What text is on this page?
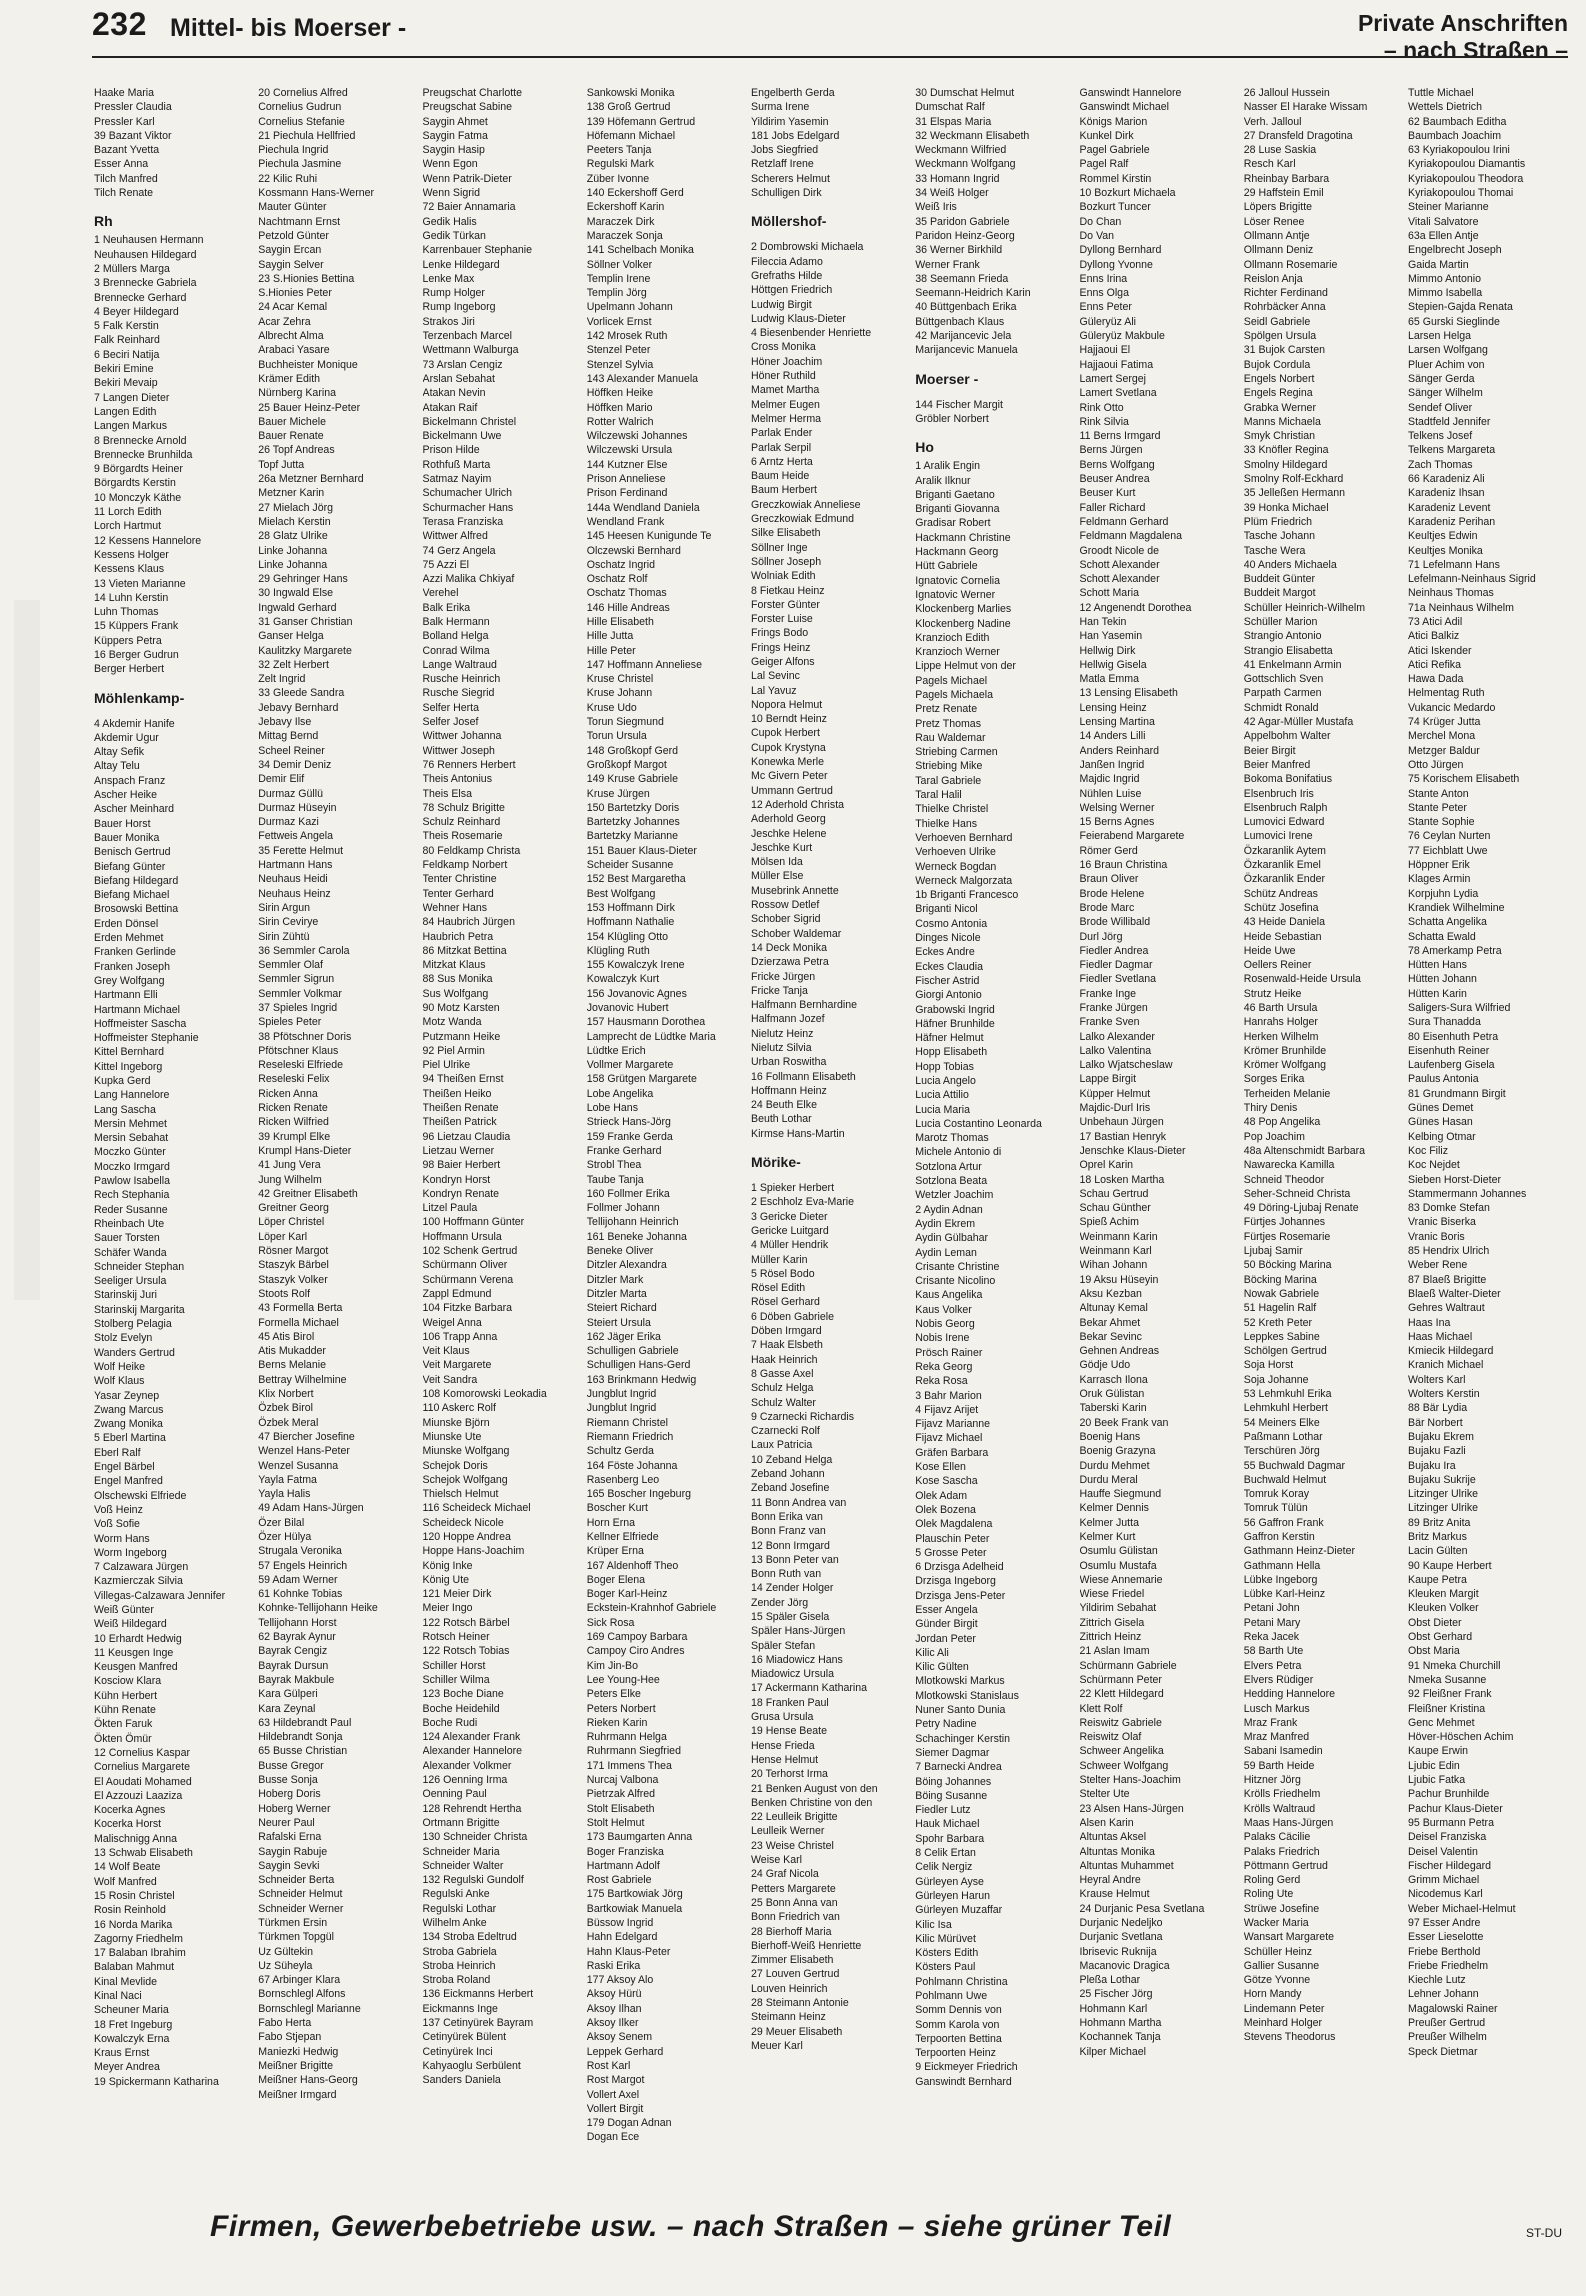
232 Mittel- bis Moerser -	Private Anschriften
– nach Straßen –
Haake Maria
Pressler Claudia
Pressler Karl
39 Bazant Viktor
Bazant Yvetta
Esser Anna
Tilch Manfred
Tilch Renate
Rh
1 Neuhausen Hermann
Neuhausen Hildegard
2 Müllers Marga
3 Brennecke Gabriela
Brennecke Gerhard
4 Beyer Hildegard
5 Falk Kerstin
Falk Reinhard
6 Beciri Natija
Bekiri Emine
Bekiri Mevaip
7 Langen Dieter
Langen Edith
Langen Markus
8 Brennecke Arnold
Brennecke Brunhilda
9 Börgardts Heiner
Börgardts Kerstin
10 Monczyk Käthe
11 Lorch Edith
Lorch Hartmut
12 Kessens Hannelore
Kessens Holger
Kessens Klaus
13 Vieten Marianne
14 Luhn Kerstin
Luhn Thomas
15 Küppers Frank
Küppers Petra
16 Berger Gudrun
Berger Herbert
Möhlenkamp-
4 Akdemir Hanife
Akdemir Ugur
Altay Sefik
Altay Telu
Anspach Franz
Ascher Heike
Ascher Meinhard
Bauer Horst
Bauer Monika
Benisch Gertrud
Biefang Günter
Biefang Hildegard
Biefang Michael
Brosowski Bettina
Erden Dönsel
Erden Mehmet
Franken Gerlinde
Franken Joseph
Grey Wolfgang
Hartmann Elli
Hartmann Michael
Hoffmeister Sascha
Hoffmeister Stephanie
Kittel Bernhard
Kittel Ingeborg
Kupka Gerd
Lang Hannelore
Lang Sascha
Mersin Mehmet
Mersin Sebahat
Moczko Günter
Moczko Irmgard
Pawlow Isabella
Rech Stephania
Reder Susanne
Rheinbach Ute
Sauer Torsten
Schäfer Wanda
Schneider Stephan
Seeliger Ursula
Starinskij Juri
Starinskij Margarita
Stolberg Pelagia
Stolz Evelyn
Wanders Gertrud
Wolf Heike
Wolf Klaus
Yasar Zeynep
Zwang Marcus
Zwang Monika
5 Eberl Martina
Eberl Ralf
Engel Bärbel
Engel Manfred
Olschewski Elfriede
Voß Heinz
Voß Sofie
Worm Hans
Worm Ingeborg
7 Calzawara Jürgen
Kazmierczak Silvia
Villegas-Calzawara Jennifer
Weiß Günter
Weiß Hildegard
10 Erhardt Hedwig
11 Keusgen Inge
Keusgen Manfred
Kosciow Klara
Kühn Herbert
Kühn Renate
Ökten Faruk
Ökten Ömür
12 Cornelius Kaspar
Cornelius Margarete
El Aoudati Mohamed
El Azzouzi Laaziza
Kocerka Agnes
Kocerka Horst
Malischnigg Anna
13 Schwab Elisabeth
14 Wolf Beate
Wolf Manfred
15 Rosin Christel
Rosin Reinhold
16 Norda Marika
Zagorny Friedhelm
17 Balaban Ibrahim
Balaban Mahmut
Kinal Mevlide
Kinal Naci
Scheuner Maria
18 Fret Ingeburg
Kowalczyk Erna
Kraus Ernst
Meyer Andrea
19 Spickermann Katharina
20 Cornelius Alfred
Cornelius Gudrun
Cornelius Stefanie
21 Piechula Hellfried
Piechula Ingrid
Piechula Jasmine
22 Kilic Ruhi
Kossmann Hans-Werner
Mauter Günter
Nachtmann Ernst
Petzold Günter
Saygin Ercan
Saygin Selver
23 S.Hionies Bettina
S.Hionies Peter
24 Acar Kemal
Acar Zehra
Albrecht Alma
Arabaci Yasare
Buchheister Monique
Krämer Edith
Nürnberg Karina
25 Bauer Heinz-Peter
Bauer Michele
Bauer Renate
26 Topf Andreas
Topf Jutta
26a Metzner Bernhard
Metzner Karin
27 Mielach Jörg
Mielach Kerstin
28 Glatz Ulrike
Linke Johanna
Linke Johanna
29 Gehringer Hans
30 Ingwald Else
Ingwald Gerhard
31 Ganser Christian
Ganser Helga
Kaulitzky Margarete
32 Zelt Herbert
Zelt Ingrid
33 Gleede Sandra
Jebavy Bernhard
Jebavy Ilse
Mittag Bernd
Scheel Reiner
34 Demir Deniz
Demir Elif
Durmaz Güllü
Durmaz Hüseyin
Durmaz Kazi
Fettweis Angela
35 Ferette Helmut
Hartmann Hans
Neuhaus Heidi
Neuhaus Heinz
Sirin Argun
Sirin Cevirye
Sirin Zühtü
36 Semmler Carola
Semmler Olaf
Semmler Sigrun
Semmler Volkmar
37 Spieles Ingrid
Spieles Peter
38 Pfötschner Doris
Pfötschner Klaus
Reseleski Elfriede
Reseleski Felix
Ricken Anna
Ricken Renate
Ricken Wilfried
39 Krumpl Elke
Krumpl Hans-Dieter
41 Jung Vera
Jung Wilhelm
42 Greitner Elisabeth
Greitner Georg
Löper Christel
Löper Karl
Rösner Margot
Staszyk Bärbel
Staszyk Volker
Stoots Rolf
43 Formella Berta
Formella Michael
45 Atis Birol
Atis Mukadder
Berns Melanie
Bettray Wilhelmine
Klix Norbert
Özbek Birol
Özbek Meral
47 Biercher Josefine
Wenzel Hans-Peter
Wenzel Susanna
Yayla Fatma
Yayla Halis
49 Adam Hans-Jürgen
Özer Bilal
Özer Hülya
Strugala Veronika
57 Engels Heinrich
59 Adam Werner
61 Kohnke Tobias
Kohnke-Tellijohann Heike
Tellijohann Horst
62 Bayrak Aynur
Bayrak Cengiz
Bayrak Dursun
Bayrak Makbule
Kara Gülperi
Kara Zeynal
63 Hildebrandt Paul
Hildebrandt Sonja
65 Busse Christian
Busse Gregor
Busse Sonja
Hoberg Doris
Hoberg Werner
Neurer Paul
Rafalski Erna
Saygin Rabuje
Saygin Sevki
Schneider Berta
Schneider Helmut
Schneider Werner
Türkmen Ersin
Türkmen Topgül
Uz Gültekin
Uz Süheyla
67 Arbinger Klara
Bornschlegl Alfons
Bornschlegl Marianne
Fabo Herta
Fabo Stjepan
Maniezki Hedwig
Meißner Brigitte
Meißner Hans-Georg
Meißner Irmgard
Preugschat Charlotte
Preugschat Sabine
Saygin Ahmet
Saygin Fatma
Saygin Hasip
Wenn Egon
Wenn Patrik-Dieter
Wenn Sigrid
72 Baier Annamaria
Gedik Halis
Gedik Türkan
Karrenbauer Stephanie
Lenke Hildegard
Lenke Max
Rump Holger
Rump Ingeborg
Strakos Jiri
Terzenbach Marcel
Wettmann Walburga
73 Arslan Cengiz
Arslan Sebahat
Atakan Nevin
Atakan Raif
Bickelmann Christel
Bickelmann Uwe
Prison Hilde
Rothfuß Marta
Satmaz Nayim
Schumacher Ulrich
Schurmacher Hans
Terasa Franziska
Wittwer Alfred
74 Gerz Angela
75 Azzi El
Azzi Malika Chkiyaf
Verehel
Balk Erika
Balk Hermann
Bolland Helga
Conrad Wilma
Lange Waltraud
Rusche Heinrich
Rusche Siegrid
Selfer Herta
Selfer Josef
Wittwer Johanna
Wittwer Joseph
76 Renners Herbert
Theis Antonius
Theis Elsa
78 Schulz Brigitte
Schulz Reinhard
Theis Rosemarie
80 Feldkamp Christa
Feldkamp Norbert
Tenter Christine
Tenter Gerhard
Wehner Hans
84 Haubrich Jürgen
Haubrich Petra
86 Mitzkat Bettina
Mitzkat Klaus
88 Sus Monika
Sus Wolfgang
90 Motz Karsten
Motz Wanda
Putzmann Heike
92 Piel Armin
Piel Ulrike
94 Theißen Ernst
Theißen Heiko
Theißen Renate
Theißen Patrick
96 Lietzau Claudia
Lietzau Werner
98 Baier Herbert
Kondryn Horst
Kondryn Renate
Litzel Paula
100 Hoffmann Günter
Hoffmann Ursula
102 Schenk Gertrud
Schürmann Oliver
Schürmann Verena
Zappl Edmund
104 Fitzke Barbara
Weigel Anna
106 Trapp Anna
Veit Klaus
Veit Margarete
Veit Sandra
108 Komorowski Leokadia
110 Askerc Rolf
Miunske Björn
Miunske Ute
Miunske Wolfgang
Schejok Doris
Schejok Wolfgang
Thielsch Helmut
116 Scheideck Michael
Scheideck Nicole
120 Hoppe Andrea
Hoppe Hans-Joachim
König Inke
König Ute
121 Meier Dirk
Meier Ingo
122 Rotsch Bärbel
Rotsch Heiner
122 Rotsch Tobias
Schiller Horst
Schiller Wilma
123 Boche Diane
Boche Heidehild
Boche Rudi
124 Alexander Frank
Alexander Hannelore
Alexander Volkmer
126 Oenning Irma
Oenning Paul
128 Rehrendt Hertha
Ortmann Brigitte
130 Schneider Christa
Schneider Maria
Schneider Walter
132 Regulski Gundolf
Regulski Anke
Regulski Lothar
Wilhelm Anke
134 Stroba Edeltrud
Stroba Gabriela
Stroba Heinrich
Stroba Roland
136 Eickmanns Herbert
Eickmanns Inge
137 Cetinyürek Bayram
Cetinyürek Bülent
Cetinyürek Inci
Kahyaoglu Serbülent
Sanders Daniela
Sankowski Monika
138 Groß Gertrud
139 Höfemann Gertrud
Höfemann Michael
Peeters Tanja
Regulski Mark
Züber Ivonne
140 Eckershoff Gerd
Eckershoff Karin
Maraczek Dirk
Maraczek Sonja
141 Schelbach Monika
Söllner Volker
Templin Irene
Templin Jörg
Upelmann Johann
Vorlicek Ernst
142 Mrosek Ruth
Stenzel Peter
Stenzel Sylvia
143 Alexander Manuela
Höffken Heike
Höffken Mario
Rotter Walrich
Wilczewski Johannes
Wilczewski Ursula
144 Kutzner Else
Prison Anneliese
Prison Ferdinand
144a Wendland Daniela
Wendland Frank
145 Heesen Kunigunde Te
Olczewski Bernhard
Oschatz Ingrid
Oschatz Rolf
Oschatz Thomas
146 Hille Andreas
Hille Elisabeth
Hille Jutta
Hille Peter
147 Hoffmann Anneliese
Kruse Christel
Kruse Johann
Kruse Udo
Torun Siegmund
Torun Ursula
148 Großkopf Gerd
Großkopf Margot
149 Kruse Gabriele
Kruse Jürgen
150 Bartetzky Doris
Bartetzky Johannes
Bartetzky Marianne
151 Bauer Klaus-Dieter
Scheider Susanne
152 Best Margaretha
Best Wolfgang
153 Hoffmann Dirk
Hoffmann Nathalie
154 Klügling Otto
Klügling Ruth
155 Kowalczyk Irene
Kowalczyk Kurt
156 Jovanovic Agnes
Jovanovic Hubert
157 Hausmann Dorothea
Lamprecht de Lüdtke Maria
Lüdtke Erich
Vollmer Margarete
158 Grütgen Margarete
Lobe Angelika
Lobe Hans
Strieck Hans-Jörg
159 Franke Gerda
Franke Gerhard
Strobl Thea
Taube Tanja
160 Follmer Erika
Follmer Johann
Tellijohann Heinrich
161 Beneke Johanna
Beneke Oliver
Ditzler Alexandra
Ditzler Mark
Ditzler Marta
Steiert Richard
Steiert Ursula
162 Jäger Erika
Schulligen Gabriele
Schulligen Hans-Gerd
163 Brinkmann Hedwig
Jungblut Ingrid
Jungblut Ingrid
Riemann Christel
Riemann Friedrich
Schultz Gerda
164 Föste Johanna
Rasenberg Leo
165 Boscher Ingeburg
Boscher Kurt
Horn Erna
Kellner Elfriede
Krüper Erna
167 Aldenhoff Theo
Boger Elena
Boger Karl-Heinz
Eckstein-Krahnhof Gabriele
Sick Rosa
169 Campoy Barbara
Campoy Ciro Andres
Kim Jin-Bo
Lee Young-Hee
Peters Elke
Peters Norbert
Rieken Karin
Ruhrmann Helga
Ruhrmann Siegfried
171 Immens Thea
Nurcaj Valbona
Pietrzak Alfred
Stolt Elisabeth
Stolt Helmut
173 Baumgarten Anna
Boger Franziska
Hartmann Adolf
Rost Gabriele
175 Bartkowiak Jörg
Bartkowiak Manuela
Büssow Ingrid
Hahn Edelgard
Hahn Klaus-Peter
Raski Erika
177 Aksoy Alo
Aksoy Hürü
Aksoy Ilhan
Aksoy Ilker
Aksoy Senem
Leppek Gerhard
Rost Karl
Rost Margot
Vollert Axel
Vollert Birgit
179 Dogan Adnan
Dogan Ece
Engelberth Gerda
Surma Irene
Yildirim Yasemin
181 Jobs Edelgard
Jobs Siegfried
Retzlaff Irene
Scherers Helmut
Schulligen Dirk
Möllershof-
2 Dombrowski Michaela
Fileccia Adamo
Grefraths Hilde
Höttgen Friedrich
Ludwig Birgit
Ludwig Klaus-Dieter
4 Biesenbender Henriette
Cross Monika
Höner Joachim
Höner Ruthild
Mamet Martha
Melmer Eugen
Melmer Herma
Parlak Ender
Parlak Serpil
6 Arntz Herta
Baum Heide
Baum Herbert
Greczkowiak Anneliese
Greczkowiak Edmund
Silke Elisabeth
Söllner Inge
Söllner Joseph
Wolniak Edith
8 Fietkau Heinz
Forster Günter
Forster Luise
Frings Bodo
Frings Heinz
Geiger Alfons
Lal Sevinc
Lal Yavuz
Nopora Helmut
10 Berndt Heinz
Cupok Herbert
Cupok Krystyna
Konewka Merle
Mc Givern Peter
Ummann Gertrud
12 Aderhold Christa
Aderhold Georg
Jeschke Helene
Jeschke Kurt
Mölsen Ida
Müller Else
Musebrink Annette
Rossow Detlef
Schober Sigrid
Schober Waldemar
14 Deck Monika
Dzierzawa Petra
Fricke Jürgen
Fricke Tanja
Halfmann Bernhardine
Halfmann Jozef
Nielutz Heinz
Nielutz Silvia
Urban Roswitha
16 Follmann Elisabeth
Hoffmann Heinz
24 Beuth Elke
Beuth Lothar
Kirmse Hans-Martin
Mörike-
1 Spieker Herbert
2 Eschholz Eva-Marie
3 Gericke Dieter
Gericke Luitgard
4 Müller Hendrik
Müller Karin
5 Rösel Bodo
Rösel Edith
Rösel Gerhard
6 Döben Gabriele
Döben Irmgard
7 Haak Elsbeth
Haak Heinrich
8 Gasse Axel
Schulz Helga
Schulz Walter
9 Czarnecki Richardis
Czarnecki Rolf
Laux Patricia
10 Zeband Helga
Zeband Johann
Zeband Josefine
11 Bonn Andrea van
Bonn Erika van
Bonn Franz van
12 Bonn Irmgard
13 Bonn Peter van
Bonn Ruth van
14 Zender Holger
Zender Jörg
15 Späler Gisela
Späler Hans-Jürgen
Späler Stefan
16 Miadowicz Hans
Miadowicz Ursula
17 Ackermann Katharina
18 Franken Paul
Grusa Ursula
19 Hense Beate
Hense Frieda
Hense Helmut
20 Terhorst Irma
21 Benken August von den
Benken Christine von den
22 Leulleik Brigitte
Leulleik Werner
23 Weise Christel
Weise Karl
24 Graf Nicola
Petters Margarete
25 Bonn Anna van
Bonn Friedrich van
28 Bierhoff Maria
Bierhoff-Weiß Henriette
Zimmer Elisabeth
27 Louven Gertrud
Louven Heinrich
28 Steimann Antonie
Steimann Heinz
29 Meuer Elisabeth
Meuer Karl
30 Dumschat Helmut
Dumschat Ralf
31 Elspas Maria
32 Weckmann Elisabeth
Weckmann Wilfried
Weckmann Wolfgang
33 Homann Ingrid
34 Weiß Holger
Weiß Iris
35 Paridon Gabriele
Paridon Heinz-Georg
36 Werner Birkhild
Werner Frank
38 Seemann Frieda
Seemann-Heidrich Karin
40 Büttgenbach Erika
Büttgenbach Klaus
42 Marijancevic Jela
Marijancevic Manuela
Moerser -
144 Fischer Margit
Gröbler Norbert
Ho
1 Aralik Engin
Aralik Ilknur
Briganti Gaetano
Briganti Giovanna
Gradisar Robert
Hackmann Christine
Hackmann Georg
Hütt Gabriele
Ignatovic Cornelia
Ignatovic Werner
Klockenberg Marlies
Klockenberg Nadine
Kranzioch Edith
Kranzioch Werner
Lippe Helmut von der
Pagels Michael
Pagels Michaela
Pretz Renate
Pretz Thomas
Rau Waldemar
Striebing Carmen
Striebing Mike
Taral Gabriele
Taral Halil
Thielke Christel
Thielke Hans
Verhoeven Bernhard
Verhoeven Ulrike
Werneck Bogdan
Werneck Malgorzata
1b Briganti Francesco
Briganti Nicol
Cosmo Antonia
Dinges Nicole
Eckes Andre
Eckes Claudia
Fischer Astrid
Giorgi Antonio
Grabowski Ingrid
Häfner Brunhilde
Häfner Helmut
Hopp Elisabeth
Hopp Tobias
Lucia Angelo
Lucia Attilio
Lucia Maria
Lucia Costantino Leonarda
Marotz Thomas
Michele Antonio di
Sotzlona Artur
Sotzlona Beata
Wetzler Joachim
2 Aydin Adnan
Aydin Ekrem
Aydin Gülbahar
Aydin Leman
Crisante Christine
Crisante Nicolino
Kaus Angelika
Kaus Volker
Nobis Georg
Nobis Irene
Prösch Rainer
Reka Georg
Reka Rosa
3 Bahr Marion
4 Fijavz Arijet
Fijavz Marianne
Fijavz Michael
Gräfen Barbara
Kose Ellen
Kose Sascha
Olek Adam
Olek Bozena
Olek Magdalena
Plauschin Peter
5 Grosse Peter
6 Drzisga Adelheid
Drzisga Ingeborg
Drzisga Jens-Peter
Esser Angela
Günder Birgit
Jordan Peter
Kilic Ali
Kilic Gülten
Mlotkowski Markus
Mlotkowski Stanislaus
Nuner Santo Dunia
Petry Nadine
Schachinger Kerstin
Siemer Dagmar
7 Barnecki Andrea
Böing Johannes
Böing Susanne
Fiedler Lutz
Hauk Michael
Spohr Barbara
8 Celik Ertan
Celik Nergiz
Gürleyen Ayse
Gürleyen Harun
Gürleyen Muzaffar
Kilic Isa
Kilic Mürüvet
Kösters Edith
Kösters Paul
Pohlmann Christina
Pohlmann Uwe
Somm Dennis von
Somm Karola von
Terpoorten Bettina
Terpoorten Heinz
9 Eickmeyer Friedrich
Ganswindt Bernhard
Ganswindt Hannelore
Ganswindt Michael
Königs Marion
Kunkel Dirk
Pagel Gabriele
Pagel Ralf
Rommel Kirstin
10 Bozkurt Michaela
Bozkurt Tuncer
Do Chan
Do Van
Dyllong Bernhard
Dyllong Yvonne
Enns Irina
Enns Olga
Enns Peter
Güleryüz Ali
Güleryüz Makbule
Hajjaoui El
Hajjaoui Fatima
Lamert Sergej
Lamert Svetlana
Rink Otto
Rink Silvia
11 Berns Irmgard
Berns Jürgen
Berns Wolfgang
Beuser Andrea
Beuser Kurt
Faller Richard
Feldmann Gerhard
Feldmann Magdalena
Groodt Nicole de
Schott Alexander
Schott Alexander
Schott Maria
12 Angenendt Dorothea
Han Tekin
Han Yasemin
Hellwig Dirk
Hellwig Gisela
Matla Emma
13 Lensing Elisabeth
Lensing Heinz
Lensing Martina
14 Anders Lilli
Anders Reinhard
Janßen Ingrid
Majdic Ingrid
Nühlen Luise
Welsing Werner
15 Berns Agnes
Feierabend Margarete
Römer Gerd
16 Braun Christina
Braun Oliver
Brode Helene
Brode Marc
Brode Willibald
Durl Jörg
Fiedler Andrea
Fiedler Dagmar
Fiedler Svetlana
Franke Inge
Franke Jürgen
Franke Sven
Lalko Alexander
Lalko Valentina
Lalko Wjatscheslaw
Lappe Birgit
Küpper Helmut
Majdic-Durl Iris
Unbehaun Jürgen
17 Bastian Henryk
Jenschke Klaus-Dieter
Oprel Karin
18 Losken Martha
Schau Gertrud
Schau Günther
Spieß Achim
Weinmann Karin
Weinmann Karl
Wihan Johann
19 Aksu Hüseyin
Aksu Kezban
Altunay Kemal
Bekar Ahmet
Bekar Sevinc
Gehnen Andreas
Gödje Udo
Karrasch Ilona
Oruk Gülistan
Taberski Karin
20 Beek Frank van
Boenig Hans
Boenig Grazyna
Durdu Mehmet
Durdu Meral
Hauffe Siegmund
Kelmer Dennis
Kelmer Jutta
Kelmer Kurt
Osumlu Gülistan
Osumlu Mustafa
Wiese Annemarie
Wiese Friedel
Yildirim Sebahat
Zittrich Gisela
Zittrich Heinz
21 Aslan Imam
Schürmann Gabriele
Schürmann Peter
22 Klett Hildegard
Klett Rolf
Reiswitz Gabriele
Reiswitz Olaf
Schweer Angelika
Schweer Wolfgang
Stelter Hans-Joachim
Stelter Ute
23 Alsen Hans-Jürgen
Alsen Karin
Altuntas Aksel
Altuntas Monika
Altuntas Muhammet
Heyral Andre
Krause Helmut
24 Durjanic Pesa Svetlana
Durjanic Nedeljko
Durjanic Svetlana
Ibrisevic Ruknija
Macanovic Dragica
Pleßa Lothar
25 Fischer Jörg
Hohmann Karl
Hohmann Martha
Kochannek Tanja
Kilper Michael
26 Jalloul Hussein
Nasser El Harake Wissam
Verh. Jalloul
27 Dransfeld Dragotina
28 Luse Saskia
Resch Karl
Rheinbay Barbara
29 Haffstein Emil
Löpers Brigitte
Löser Renee
Ollmann Antje
Ollmann Deniz
Ollmann Rosemarie
Reislon Anja
Richter Ferdinand
Rohrbäcker Anna
Seidl Gabriele
Spölgen Ursula
31 Bujok Carsten
Bujok Cordula
Engels Norbert
Engels Regina
Grabka Werner
Manns Michaela
Smyk Christian
33 Knöfler Regina
Smolny Hildegard
Smolny Rolf-Eckhard
35 Jelleßen Hermann
39 Honka Michael
Plüm Friedrich
Tasche Johann
Tasche Wera
40 Anders Michaela
Buddeit Günter
Buddeit Margot
Schüller Heinrich-Wilhelm
Schüller Marion
Strangio Antonio
Strangio Elisabetta
41 Enkelmann Armin
Gottschlich Sven
Parpath Carmen
Schmidt Ronald
42 Agar-Müller Mustafa
Appelbohm Walter
Beier Birgit
Beier Manfred
Bokoma Bonifatius
Elsenbruch Iris
Elsenbruch Ralph
Lumovici Edward
Lumovici Irene
Özkaranlik Aytem
Özkaranlik Emel
Özkaranlik Ender
Schütz Andreas
Schütz Josefina
43 Heide Daniela
Heide Sebastian
Heide Uwe
Oellers Reiner
Rosenwald-Heide Ursula
Strutz Heike
46 Barth Ursula
Hanrahs Holger
Herken Wilhelm
Krömer Brunhilde
Krömer Wolfgang
Sorges Erika
Terheiden Melanie
Thiry Denis
48 Pop Angelika
Pop Joachim
48a Altenschmidt Barbara
Nawarecka Kamilla
Schneid Theodor
Seher-Schneid Christa
49 Döring-Ljubaj Renate
Fürtjes Johannes
Fürtjes Rosemarie
Ljubaj Samir
50 Böcking Marina
Böcking Marina
Nowak Gabriele
51 Hagelin Ralf
52 Kreth Peter
Leppkes Sabine
Schölgen Gertrud
Soja Horst
Soja Johanne
53 Lehmkuhl Erika
Lehmkuhl Herbert
54 Meiners Elke
Paßmann Lothar
Terschüren Jörg
55 Buchwald Dagmar
Buchwald Helmut
Tomruk Koray
Tomruk Tülün
56 Gaffron Frank
Gaffron Kerstin
Gathmann Heinz-Dieter
Gathmann Hella
Lübke Ingeborg
Lübke Karl-Heinz
Petani John
Petani Mary
Reka Jacek
58 Barth Ute
Elvers Petra
Elvers Rüdiger
Hedding Hannelore
Lusch Markus
Mraz Frank
Mraz Manfred
Sabani Isamedin
59 Barth Heide
Hitzner Jörg
Krölls Friedhelm
Krölls Waltraud
Maas Hans-Jürgen
Palaks Cäcilie
Palaks Friedrich
Pöttmann Gertrud
Roling Gerd
Roling Ute
Strüwe Josefine
Wacker Maria
Wansart Margarete
Schüller Heinz
Gallier Susanne
Götze Yvonne
Horn Mandy
Lindemann Peter
Meinhard Holger
Stevens Theodorus
Tuttle Michael
Wettels Dietrich
62 Baumbach Editha
Baumbach Joachim
63 Kyriakopoulou Irini
Kyriakopoulou Diamantis
Kyriakopoulou Theodora
Kyriakopoulou Thomai
Steiner Marianne
Vitali Salvatore
63a Ellen Antje
Engelbrecht Joseph
Gaida Martin
Mimmo Antonio
Mimmo Isabella
Stepien-Gajda Renata
65 Gurski Sieglinde
Larsen Helga
Larsen Wolfgang
Pluer Achim von
Sänger Gerda
Sänger Wilhelm
Sendef Oliver
Stadtfeld Jennifer
Telkens Josef
Telkens Margareta
Zach Thomas
66 Karadeniz Ali
Karadeniz Ihsan
Karadeniz Levent
Karadeniz Perihan
Keultjes Edwin
Keultjes Monika
71 Lefelmann Hans
Lefelmann-Neinhaus Sigrid
Neinhaus Thomas
71a Neinhaus Wilhelm
73 Atici Adil
Atici Balkiz
Atici Iskender
Atici Refika
Hawa Dada
Helmentag Ruth
Vukancic Medardo
74 Krüger Jutta
Merchel Mona
Metzger Baldur
Otto Jürgen
75 Korischem Elisabeth
Stante Anton
Stante Peter
Stante Sophie
76 Ceylan Nurten
77 Eichblatt Uwe
Höppner Erik
Klages Armin
Korpjuhn Lydia
Krandiek Wilhelmine
Schatta Angelika
Schatta Ewald
78 Amerkamp Petra
Hütten Hans
Hütten Johann
Hütten Karin
Saligers-Sura Wilfried
Sura Thanadda
80 Eisenhuth Petra
Eisenhuth Reiner
Laufenberg Gisela
Paulus Antonia
81 Grundmann Birgit
Günes Demet
Günes Hasan
Kelbing Otmar
Koc Filiz
Koc Nejdet
Sieben Horst-Dieter
Stammermann Johannes
83 Domke Stefan
Vranic Biserka
Vranic Boris
85 Hendrix Ulrich
Weber Rene
87 Blaeß Brigitte
Blaeß Walter-Dieter
Gehres Waltraut
Haas Ina
Haas Michael
Kmiecik Hildegard
Kranich Michael
Wolters Karl
Wolters Kerstin
88 Bär Lydia
Bär Norbert
Bujaku Ekrem
Bujaku Fazli
Bujaku Ira
Bujaku Sukrije
Litzinger Ulrike
Litzinger Ulrike
89 Britz Anita
Britz Markus
Lacin Gülten
90 Kaupe Herbert
Kaupe Petra
Kleuken Margit
Kleuken Volker
Obst Dieter
Obst Gerhard
Obst Maria
91 Nmeka Churchill
Nmeka Susanne
92 Fleißner Frank
Fleißner Kristina
Genc Mehmet
Höver-Höschen Achim
Kaupe Erwin
Ljubic Edin
Ljubic Fatka
Pachur Brunhilde
Pachur Klaus-Dieter
95 Burmann Petra
Deisel Franziska
Deisel Valentin
Fischer Hildegard
Grimm Michael
Nicodemus Karl
Weber Michael-Helmut
97 Esser Andre
Esser Lieselotte
Friebe Berthold
Friebe Friedhelm
Kiechle Lutz
Lehner Johann
Magalowski Rainer
Preußer Gertrud
Preußer Wilhelm
Speck Dietmar
Firmen, Gewerbebetriebe usw. – nach Straßen – siehe grüner Teil	ST-DU
